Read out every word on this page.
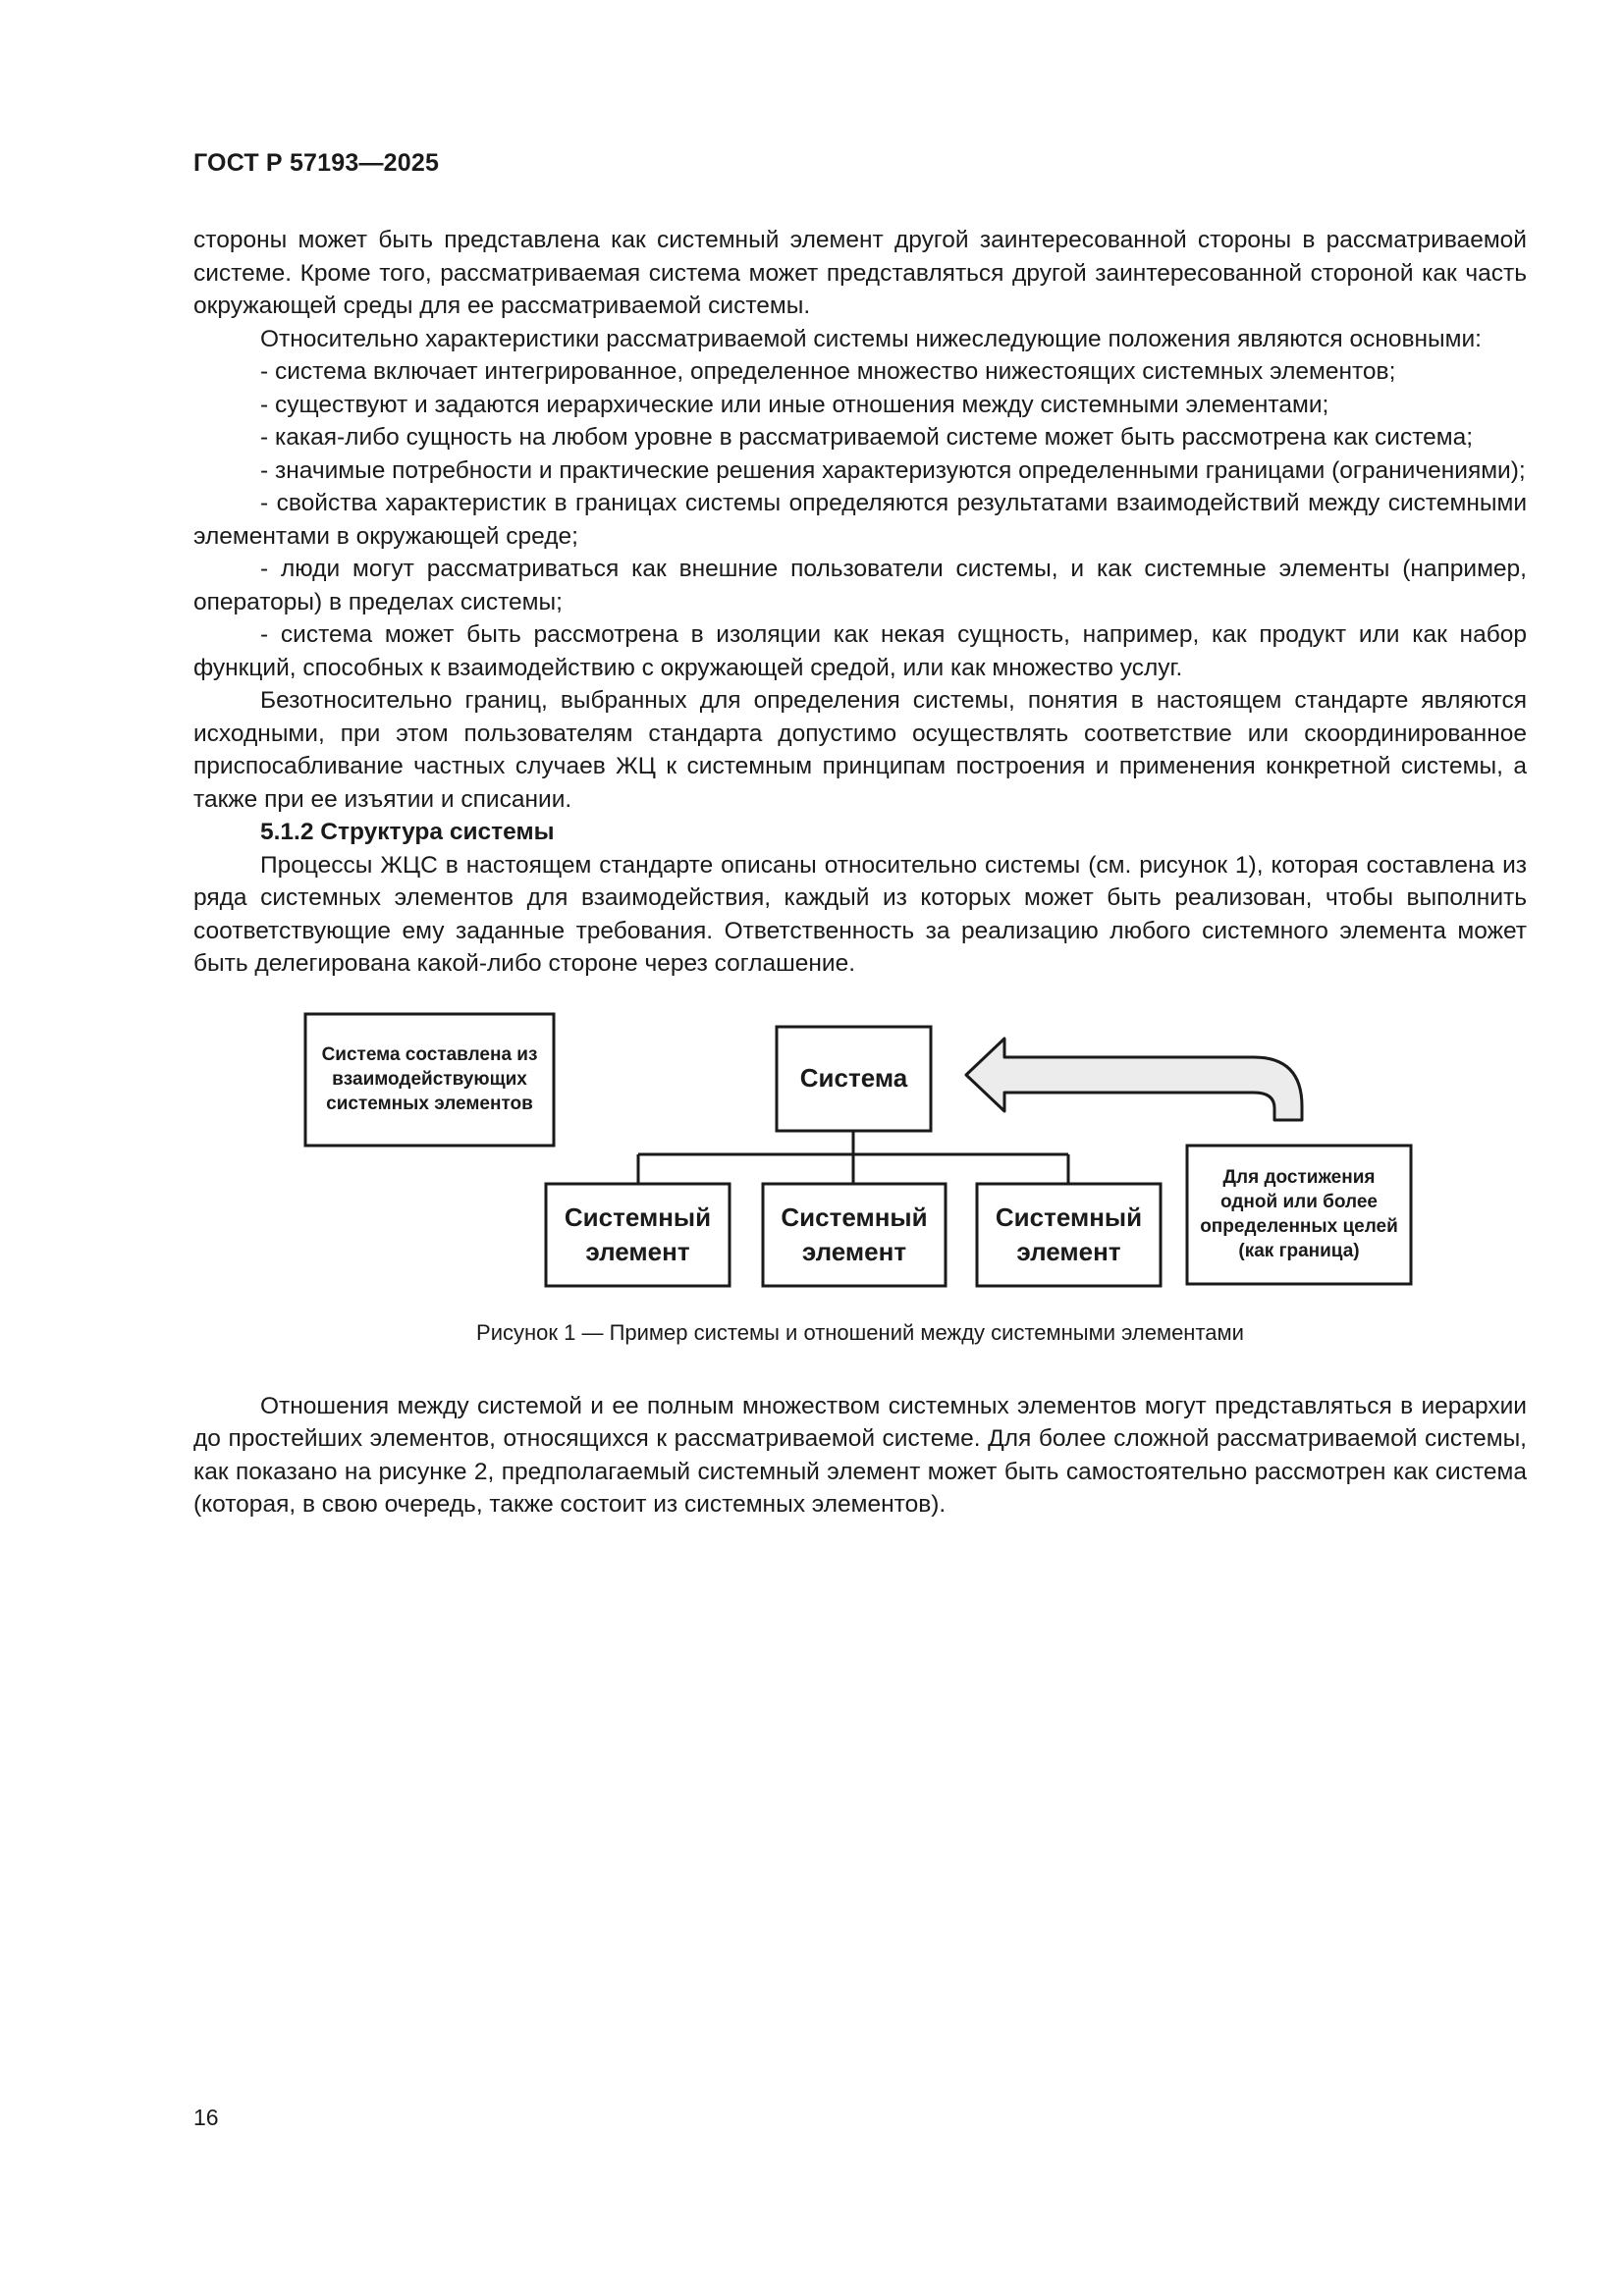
ГОСТ Р 57193—2025

стороны может быть представлена как системный элемент другой заинтересованной стороны в рассматриваемой системе. Кроме того, рассматриваемая система может представляться другой заинтересованной стороной как часть окружающей среды для ее рассматриваемой системы.

Относительно характеристики рассматриваемой системы нижеследующие положения являются основными:

- система включает интегрированное, определенное множество нижестоящих системных элементов;

- существуют и задаются иерархические или иные отношения между системными элементами;

- какая-либо сущность на любом уровне в рассматриваемой системе может быть рассмотрена как система;

- значимые потребности и практические решения характеризуются определенными границами (ограничениями);

- свойства характеристик в границах системы определяются результатами взаимодействий между системными элементами в окружающей среде;

- люди могут рассматриваться как внешние пользователи системы, и как системные элементы (например, операторы) в пределах системы;

- система может быть рассмотрена в изоляции как некая сущность, например, как продукт или как набор функций, способных к взаимодействию с окружающей средой, или как множество услуг.

Безотносительно границ, выбранных для определения системы, понятия в настоящем стандарте являются исходными, при этом пользователям стандарта допустимо осуществлять соответствие или скоординированное приспосабливание частных случаев ЖЦ к системным принципам построения и применения конкретной системы, а также при ее изъятии и списании.

5.1.2 Структура системы

Процессы ЖЦС в настоящем стандарте описаны относительно системы (см. рисунок 1), которая составлена из ряда системных элементов для взаимодействия, каждый из которых может быть реализован, чтобы выполнить соответствующие ему заданные требования. Ответственность за реализацию любого системного элемента может быть делегирована какой-либо стороне через соглашение.

Система составлена из взаимодействующих системных элементов
Система
Системный элемент
Системный элемент
Системный элемент
Для достижения одной или более определенных целей (как граница)
Рисунок 1 — Пример системы и отношений между системными элементами

Отношения между системой и ее полным множеством системных элементов могут представляться в иерархии до простейших элементов, относящихся к рассматриваемой системе. Для более сложной рассматриваемой системы, как показано на рисунке 2, предполагаемый системный элемент может быть самостоятельно рассмотрен как система (которая, в свою очередь, также состоит из системных элементов).

16
